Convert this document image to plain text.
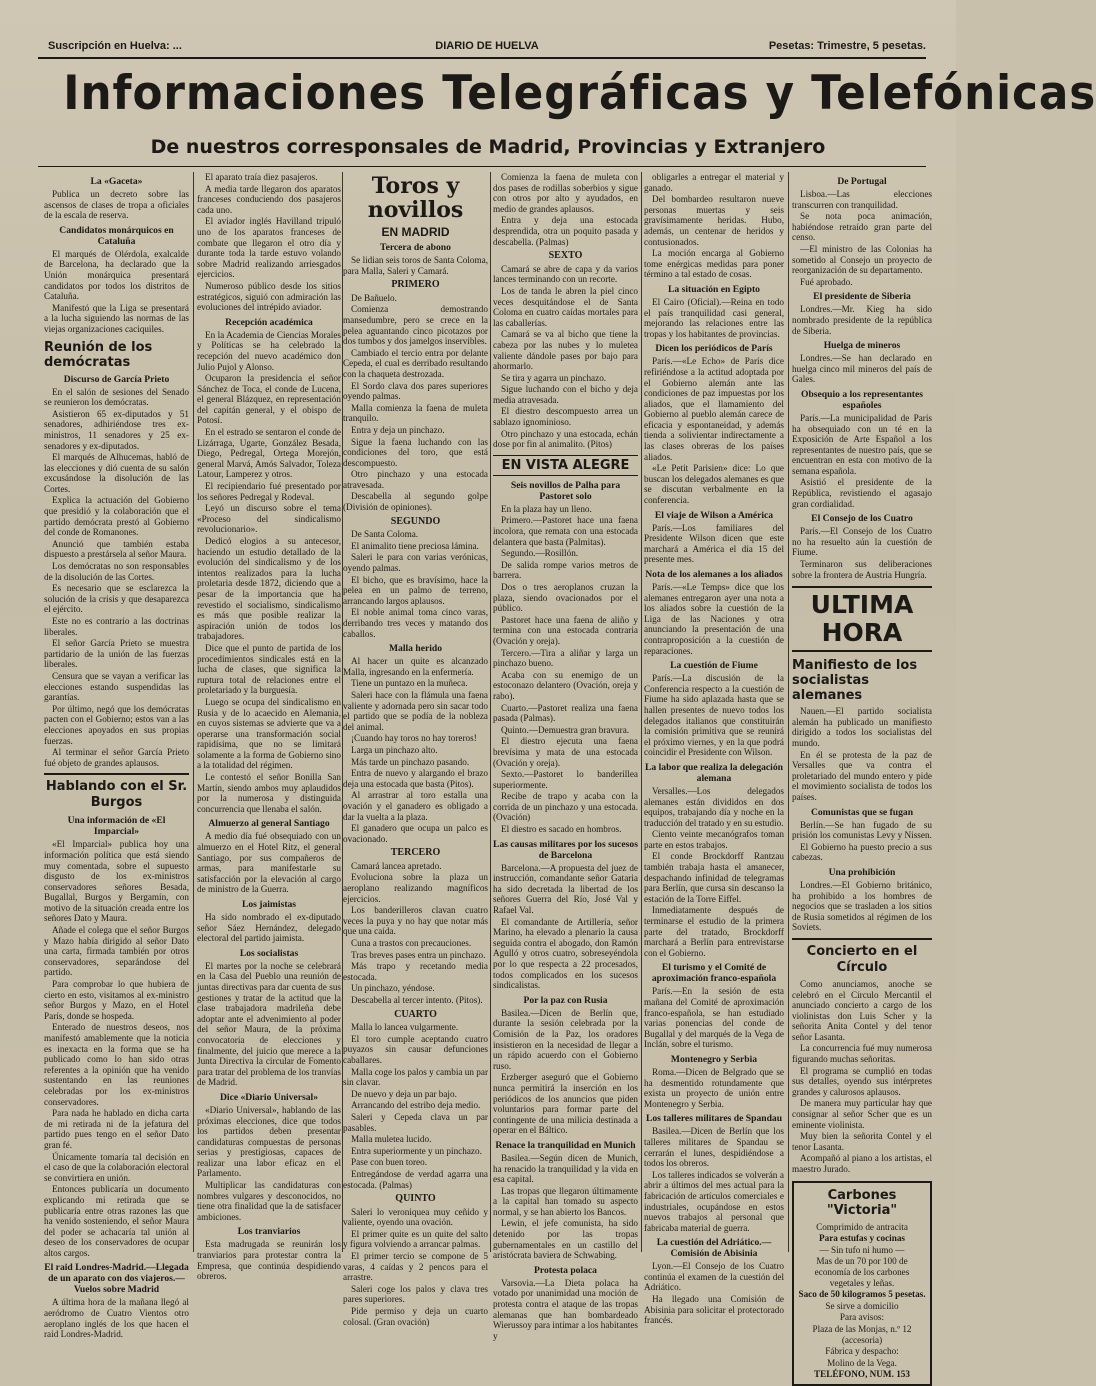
Suscripción en Huelva: ...	DIARIO DE HUELVA	Pesetas: Trimestre, 5 pesetas.
Informaciones Telegráficas y Telefónicas
De nuestros corresponsales de Madrid, Provincias y Extranjero
La «Gaceta»

Publica un decreto sobre las ascensos de clases de tropa a oficiales de la escala de reserva.

Candidatos monárquicos en Cataluña

El marqués de Olérdola, exalcalde de Barcelona, ha declarado que la Unión monárquica presentará candidatos por todos los distritos de Cataluña.

Manifestó que la Liga se presentará a la lucha siguiendo las normas de las viejas organizaciones caciquiles.

Reunión de los demócratas
Discurso de García Prieto

En el salón de sesiones del Senado se reunieron los demócratas.

Asistieron 65 ex-diputados y 51 senadores, adhiriéndose tres ex-ministros, 11 senadores y 25 ex-senadores y ex-diputados.

El marqués de Alhucemas, habló de las elecciones y dió cuenta de su salón excusándose la disolución de las Cortes.

Explica la actuación del Gobierno que presidió y la colaboración que el partido demócrata prestó al Gobierno del conde de Romanones.

Anunció que también estaba dispuesto a prestársela al señor Maura.

Los demócratas no son responsables de la disolución de las Cortes.

Es necesario que se esclarezca la solución de la crisis y que desaparezca el ejército.

Este no es contrario a las doctrinas liberales.

El señor García Prieto se muestra partidario de la unión de las fuerzas liberales.

Censura que se vayan a verificar las elecciones estando suspendidas las garantías.

Por último, negó que los demócratas pacten con el Gobierno; estos van a las elecciones apoyados en sus propias fuerzas.

Al terminar el señor García Prieto fué objeto de grandes aplausos.

Hablando con el Sr. Burgos
Una información de «El Imparcial»

«El Imparcial» publica hoy una información política que está siendo muy comentada, sobre el supuesto disgusto de los ex-ministros conservadores señores Besada, Bugallal, Burgos y Bergamín, con motivo de la situación creada entre los señores Dato y Maura.

Añade el colega que el señor Burgos y Mazo había dirigido al señor Dato una carta, firmada también por otros conservadores, separándose del partido.

Para comprobar lo que hubiera de cierto en esto, visitamos al ex-ministro señor Burgos y Mazo, en el Hotel París, donde se hospeda.

Enterado de nuestros deseos, nos manifestó amablemente que la noticia es inexacta en la forma que se ha publicado como lo han sido otras referentes a la opinión que ha venido sustentando en las reuniones celebradas por los ex-ministros conservadores.

Para nada he hablado en dicha carta de mi retirada ni de la jefatura del partido pues tengo en el señor Dato gran fé.

Únicamente tomaría tal decisión en el caso de que la colaboración electoral se convirtiera en unión.

Entonces publicaría un documento explicando mi retirada que se publicaría entre otras razones las que ha venido sosteniendo, el señor Maura del poder se achacaría tal unión al deseo de los conservadores de ocupar altos cargos.

El raid Londres-Madrid.—Llegada de un aparato con dos viajeros.—Vuelos sobre Madrid

A última hora de la mañana llegó al aeródromo de Cuatro Vientos otro aeroplano inglés de los que hacen el raid Londres-Madrid.

El aparato traía diez pasajeros.

A media tarde llegaron dos aparatos franceses conduciendo dos pasajeros cada uno.

El aviador inglés Havilland tripuló uno de los aparatos franceses de combate que llegaron el otro día y durante toda la tarde estuvo volando sobre Madrid realizando arriesgados ejercicios.

Numeroso público desde los sitios estratégicos, siguió con admiración las evoluciones del intrépido aviador.

Recepción académica

En la Academia de Ciencias Morales y Políticas se ha celebrado la recepción del nuevo académico don Julio Pujol y Alonso.

Ocuparon la presidencia el señor Sánchez de Toca, el conde de Lucena, el general Blázquez, en representación del capitán general, y el obispo de Potosí.

En el estrado se sentaron el conde de Lizárraga, Ugarte, González Besada, Diego, Pedregal, Ortega Morejón, general Marvá, Amós Salvador, Toleza Latour, Lamperez y otros.

El recipiendario fué presentado por los señores Pedregal y Rodeval.

Leyó un discurso sobre el tema «Proceso del sindicalismo revolucionario».

Dedicó elogios a su antecesor, haciendo un estudio detallado de la evolución del sindicalismo y de los intentos realizados para la lucha proletaria desde 1872, diciendo que a pesar de la importancia que ha revestido el socialismo, sindicalismo es más que posible realizar la aspiración unión de todos los trabajadores.

Dice que el punto de partida de los procedimientos sindicales está en la lucha de clases, que significa la ruptura total de relaciones entre el proletariado y la burguesía.

Luego se ocupa del sindicalismo en Rusia y de lo acaecido en Alemania, en cuyos sistemas se advierte que va a operarse una transformación social rapidísima, que no se limitará solamente a la forma de Gobierno sino a la totalidad del régimen.

Le contestó el señor Bonilla San Martín, siendo ambos muy aplaudidos por la numerosa y distinguida concurrencia que llenaba el salón.

Almuerzo al general Santiago

A medio día fué obsequiado con un almuerzo en el Hotel Ritz, el general Santiago, por sus compañeros de armas, para manifestarle su satisfacción por la elevación al cargo de ministro de la Guerra.

Los jaimistas

Ha sido nombrado el ex-diputado señor Sáez Hernández, delegado electoral del partido jaimista.

Los socialistas

El martes por la noche se celebrará en la Casa del Pueblo una reunión de juntas directivas para dar cuenta de sus gestiones y tratar de la actitud que la clase trabajadora madrileña debe adoptar ante el advenimiento al poder del señor Maura, de la próxima convocatoria de elecciones y finalmente, del juicio que merece a la Junta Directiva la circular de Fomento para tratar del problema de los tranvías de Madrid.

Dice «Diario Universal»

«Diario Universal», hablando de las próximas elecciones, dice que todos los partidos deben presentar candidaturas compuestas de personas serias y prestigiosas, capaces de realizar una labor eficaz en el Parlamento.

Multiplicar las candidaturas con nombres vulgares y desconocidos, no tiene otra finalidad que la de satisfacer ambiciones.

Los tranviarios

Esta madrugada se reunirán los tranviarios para protestar contra la Empresa, que continúa despidiendo obreros.

Toros y novillos
EN MADRID
Tercera de abono

Se lidian seis toros de Santa Coloma, para Malla, Saleri y Camará.

PRIMERO

De Bañuelo.

Comienza demostrando mansedumbre, pero se crece en la pelea aguantando cinco picotazos por dos tumbos y dos jamelgos inservibles.

Cambiado el tercio entra por delante Cepeda, el cual es derribado resultando con la chaqueta destrozada.

El Sordo clava dos pares superiores oyendo palmas.

Malla comienza la faena de muleta tranquilo.

Entra y deja un pinchazo.

Sigue la faena luchando con las condiciones del toro, que está descompuesto.

Otro pinchazo y una estocada atravesada.

Descabella al segundo golpe (División de opiniones).

SEGUNDO

De Santa Coloma.

El animalito tiene preciosa lámina.

Saleri le para con varias verónicas, oyendo palmas.

El bicho, que es bravísimo, hace la pelea en un palmo de terreno, arrancando largos aplausos.

El noble animal toma cinco varas, derribando tres veces y matando dos caballos.

Malla herido

Al hacer un quite es alcanzado Malla, ingresando en la enfermería.

Tiene un puntazo en la muñeca.

Saleri hace con la flámula una faena valiente y adornada pero sin sacar todo el partido que se podía de la nobleza del animal.

¡Cuando hay toros no hay toreros!

Larga un pinchazo alto.

Más tarde un pinchazo pasando.

Entra de nuevo y alargando el brazo deja una estocada que basta (Pitos).

Al arrastrar al toro estalla una ovación y el ganadero es obligado a dar la vuelta a la plaza.

El ganadero que ocupa un palco es ovacionado.

TERCERO

Camará lancea apretado.

Evoluciona sobre la plaza un aeroplano realizando magníficos ejercicios.

Los banderilleros clavan cuatro veces la puya y no hay que notar más que una caída.

Cuna a trastos con precauciones.

Tras breves pases entra un pinchazo.

Más trapo y recetando media estocada.

Un pinchazo, yéndose.

Descabella al tercer intento. (Pitos).

CUARTO

Malla lo lancea vulgarmente.

El toro cumple aceptando cuatro puyazos sin causar defunciones caballares.

Malla coge los palos y cambia un par sin clavar.

De nuevo y deja un par bajo.

Arrancando del estribo deja medio.

Saleri y Cepeda clava un par pasables.

Malla muletea lucido.

Entra superiormente y un pinchazo.

Pase con buen toreo.

Entregándose de verdad agarra una estocada. (Palmas)

QUINTO

Saleri lo veroniquea muy ceñido y valiente, oyendo una ovación.

El primer quite es un quite del salto y figura volviendo a arrancar palmas.

El primer tercio se compone de 5 varas, 4 caídas y 2 pencos para el arrastre.

Saleri coge los palos y clava tres pares superiores.

Pide permiso y deja un cuarto colosal. (Gran ovación)

Comienza la faena de muleta con dos pases de rodillas soberbios y sigue con otros por alto y ayudados, en medio de grandes aplausos.

Entra y deja una estocada desprendida, otra un poquito pasada y descabella. (Palmas)

SEXTO

Camará se abre de capa y da varios lances terminando con un recorte.

Los de tanda le abren la piel cinco veces desquitándose el de Santa Coloma en cuatro caídas mortales para las caballerías.

Camará se va al bicho que tiene la cabeza por las nubes y lo muletea valiente dándole pases por bajo para ahormarlo.

Se tira y agarra un pinchazo.

Sigue luchando con el bicho y deja media atravesada.

El diestro descompuesto arrea un sablazo ignominioso.

Otro pinchazo y una estocada, echán dose por fin al animalito. (Pitos)

EN VISTA ALEGRE
Seis novillos de Palha para Pastoret solo

En la plaza hay un lleno.

Primero.—Pastoret hace una faena incolora, que remata con una estocada delantera que basta (Palmitas).

Segundo.—Rosillón.

De salida rompe varios metros de barrera.

Dos o tres aeroplanos cruzan la plaza, siendo ovacionados por el público.

Pastoret hace una faena de aliño y termina con una estocada contraria (Ovación y oreja).

Tercero.—Tira a aliñar y larga un pinchazo bueno.

Acaba con su enemigo de un estoconazo delantero (Ovación, oreja y rabo).

Cuarto.—Pastoret realiza una faena pasada (Palmas).

Quinto.—Demuestra gran bravura.

El diestro ejecuta una faena brevísima y mata de una estocada (Ovación y oreja).

Sexto.—Pastoret lo banderillea superiormente.

Recibe de trapo y acaba con la corrida de un pinchazo y una estocada. (Ovación)

El diestro es sacado en hombros.

Las causas militares por los sucesos de Barcelona

Barcelona.—A propuesta del juez de instrucción, comandante señor Gataria ha sido decretada la libertad de los señores Guerra del Río, José Val y Rafael Val.

El comandante de Artillería, señor Marino, ha elevado a plenario la causa seguida contra el abogado, don Ramón Agulló y otros cuatro, sobreseyéndola por lo que respecta a 22 procesados, todos complicados en los sucesos sindicalistas.

Por la paz con Rusia

Basilea.—Dicen de Berlín que, durante la sesión celebrada por la Comisión de la Paz, los oradores insistieron en la necesidad de llegar a un rápido acuerdo con el Gobierno ruso.

Erzberger aseguró que el Gobierno nunca permitirá la inserción en los periódicos de los anuncios que piden voluntarios para formar parte del contingente de una milicia destinada a operar en el Báltico.

Renace la tranquilidad en Munich

Basilea.—Según dicen de Munich, ha renacido la tranquilidad y la vida en esa capital.

Las tropas que llegaron últimamente a la capital han tomado su aspecto normal, y se han abierto los Bancos.

Lewin, el jefe comunista, ha sido detenido por las tropas gubernamentales en un castillo del aristócrata baviera de Schwabing.

Protesta polaca

Varsovia.—La Dieta polaca ha votado por unanimidad una moción de protesta contra el ataque de las tropas alemanas que han bombardeado Wierussoy para intimar a los habitantes y

obligarles a entregar el material y ganado.

Del bombardeo resultaron nueve personas muertas y seis gravísimamente heridas. Hubo, además, un centenar de heridos y contusionados.

La moción encarga al Gobierno tome enérgicas medidas para poner término a tal estado de cosas.

La situación en Egipto

El Cairo (Oficial).—Reina en todo el país tranquilidad casi general, mejorando las relaciones entre las tropas y los habitantes de provincias.

Dicen los periódicos de París

París.—«Le Echo» de París dice refiriéndose a la actitud adoptada por el Gobierno alemán ante las condiciones de paz impuestas por los aliados, que el llamamiento del Gobierno al pueblo alemán carece de eficacia y espontaneidad, y además tienda a solivientar indirectamente a las clases obreras de los países aliados.

«Le Petit Parisien» dice: Lo que buscan los delegados alemanes es que se discutan verbalmente en la conferencia.

El viaje de Wilson a América

París.—Los familiares del Presidente Wilson dicen que este marchará a América el día 15 del presente mes.

Nota de los alemanes a los aliados

París.—«Le Temps» dice que los alemanes entregaron ayer una nota a los aliados sobre la cuestión de la Liga de las Naciones y otra anunciando la presentación de una contraproposición a la cuestión de reparaciones.

La cuestión de Fiume

París.—La discusión de la Conferencia respecto a la cuestión de Fiume ha sido aplazada hasta que se hallen presentes de nuevo todos los delegados italianos que constituirán la comisión primitiva que se reunirá el próximo viernes, y en la que podrá coincidir el Presidente con Wilson.

La labor que realiza la delegación alemana

Versalles.—Los delegados alemanes están divididos en dos equipos, trabajando día y noche en la traducción del tratado y en su estudio.

Ciento veinte mecanógrafos toman parte en estos trabajos.

El conde Brockdorff Rantzau también trabaja hasta el amanecer, despachando infinidad de telegramas para Berlín, que cursa sin descanso la estación de la Torre Eiffel.

Inmediatamente después de terminarse el estudio de la primera parte del tratado, Brockdorff marchará a Berlín para entrevistarse con el Gobierno.

El turismo y el Comité de aproximación franco-española

París.—En la sesión de esta mañana del Comité de aproximación franco-española, se han estudiado varias ponencias del conde de Bugallal y del marqués de la Vega de Inclán, sobre el turismo.

Montenegro y Serbia

Roma.—Dicen de Belgrado que se ha desmentido rotundamente que exista un proyecto de unión entre Montenegro y Serbia.

Los talleres militares de Spandau

Basilea.—Dicen de Berlín que los talleres militares de Spandau se cerrarán el lunes, despidiéndose a todos los obreros.

Los talleres indicados se volverán a abrir a últimos del mes actual para la fabricación de artículos comerciales e industriales, ocupándose en estos nuevos trabajos al personal que fabricaba material de guerra.

La cuestión del Adriático.—Comisión de Abisinia

Lyon.—El Consejo de los Cuatro continúa el examen de la cuestión del Adriático.

Ha llegado una Comisión de Abisinia para solicitar el protectorado francés.

De Portugal

Lisboa.—Las elecciones transcurren con tranquilidad.

Se nota poca animación, habiéndose retraído gran parte del censo.

—El ministro de las Colonias ha sometido al Consejo un proyecto de reorganización de su departamento.

Fué aprobado.

El presidente de Siberia

Londres.—Mr. Kieg ha sido nombrado presidente de la república de Siberia.

Huelga de mineros

Londres.—Se han declarado en huelga cinco mil mineros del país de Gales.

Obsequio a los representantes españoles

París.—La municipalidad de París ha obsequiado con un té en la Exposición de Arte Español a los representantes de nuestro país, que se encuentran en esta con motivo de la semana española.

Asistió el presidente de la República, revistiendo el agasajo gran cordialidad.

El Consejo de los Cuatro

París.—El Consejo de los Cuatro no ha resuelto aún la cuestión de Fiume.

Terminaron sus deliberaciones sobre la frontera de Austria Hungría.

ULTIMA HORA
Manifiesto de los socialistas alemanes

Nauen.—El partido socialista alemán ha publicado un manifiesto dirigido a todos los socialistas del mundo.

En él se protesta de la paz de Versalles que va contra el proletariado del mundo entero y pide el movimiento socialista de todos los países.

Comunistas que se fugan

Berlín.—Se han fugado de su prisión los comunistas Levy y Nissen.

El Gobierno ha puesto precio a sus cabezas.

Una prohibición

Londres.—El Gobierno británico, ha prohibido a los hombres de negocios que se trasladen a los sitios de Rusia sometidos al régimen de los Soviets.

Concierto en el Círculo

Como anunciamos, anoche se celebró en el Círculo Mercantil el anunciado concierto a cargo de los violinistas don Luis Scher y la señorita Anita Contel y del tenor señor Lasanta.

La concurrencia fué muy numerosa figurando muchas señoritas.

El programa se cumplió en todas sus detalles, oyendo sus intérpretes grandes y calurosos aplausos.

De manera muy particular hay que consignar al señor Scher que es un eminente violinista.

Muy bien la señorita Contel y el tenor Lasanta.

Acompañó al piano a los artistas, el maestro Jurado.

Carbones "Victoria"

Comprimido de antracita

Para estufas y cocinas

— Sin tufo ni humo —

Mas de un 70 por 100 de economía de los carbones vegetales y leñas.

Saco de 50 kilogramos 5 pesetas.

Se sirve a domicilio

Para avisos:

Plaza de las Monjas, n.º 12 (accesoria)

Fábrica y despacho:

Molino de la Vega.

TELÉFONO, NUM. 153
